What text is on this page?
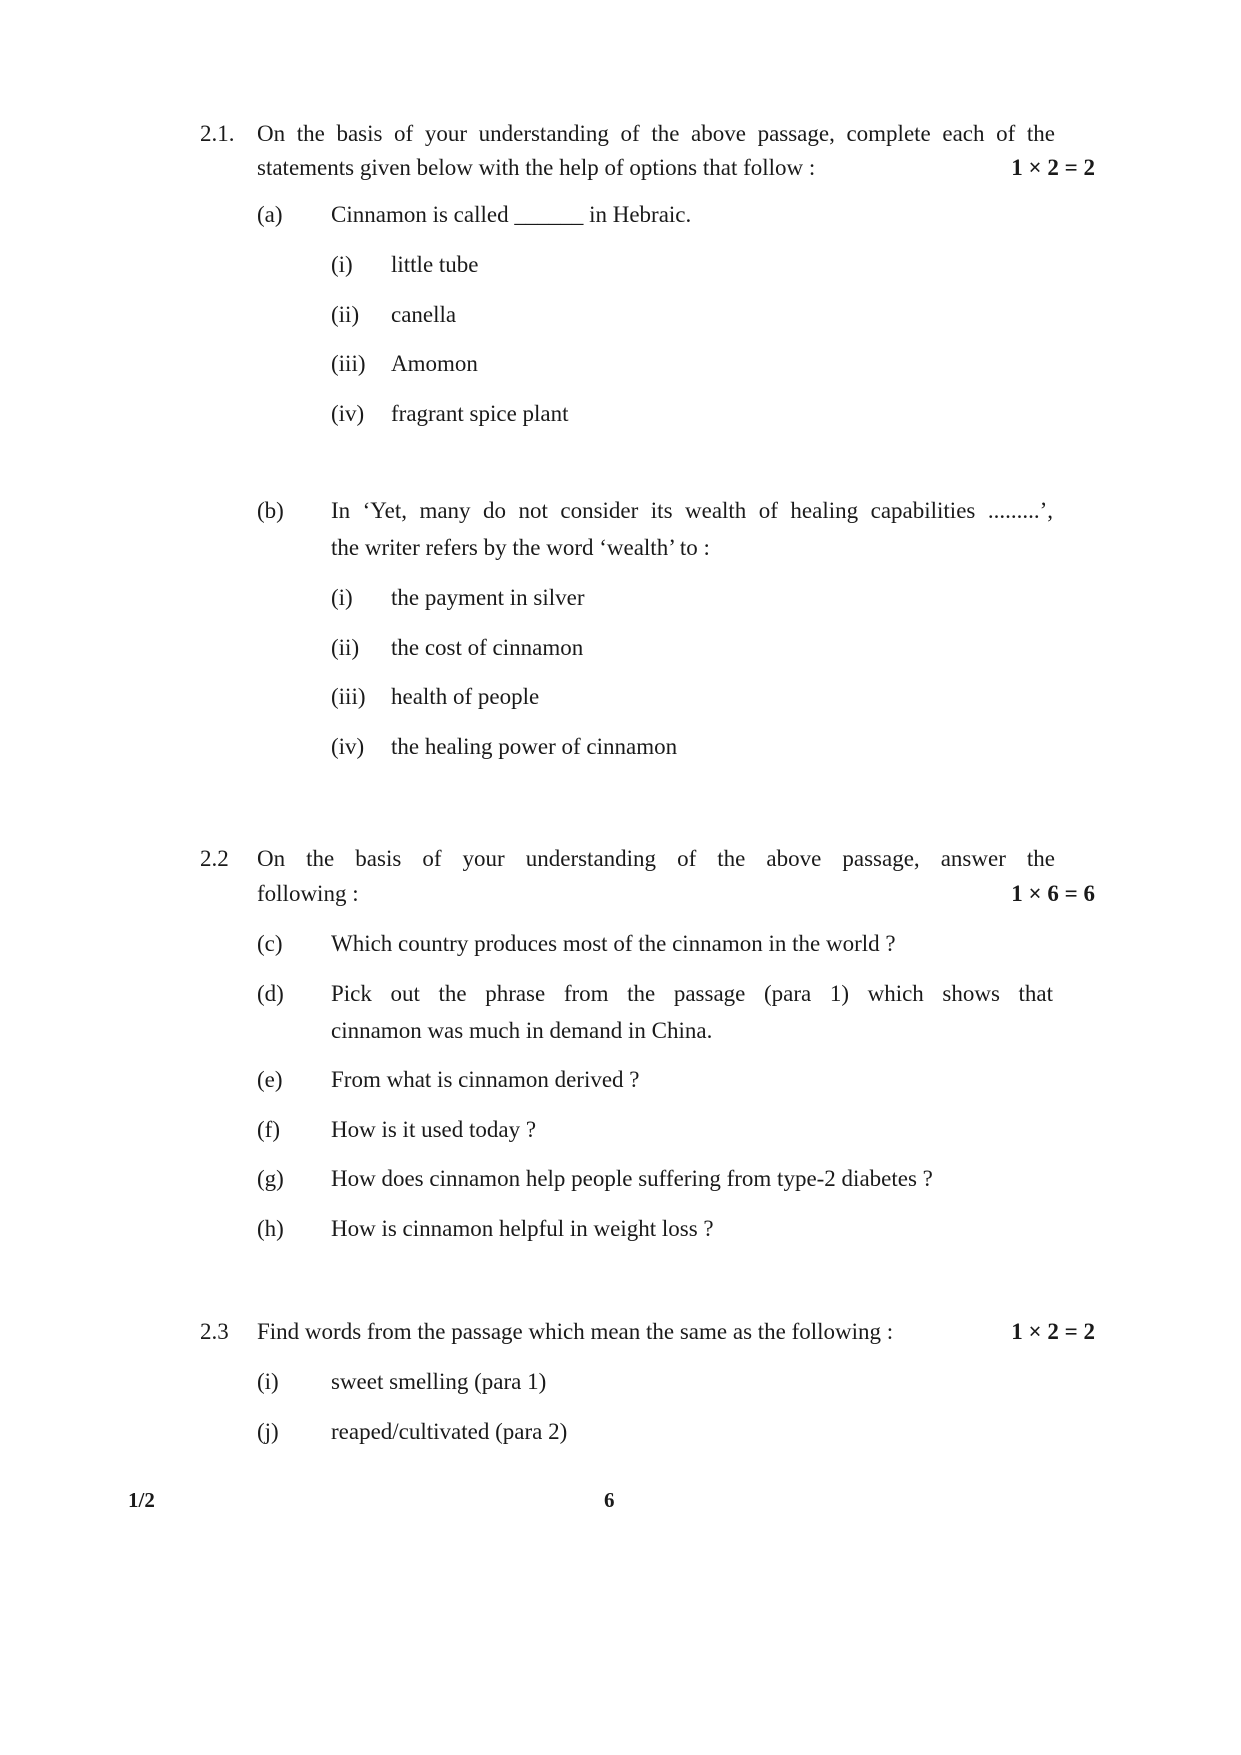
2.1. On the basis of your understanding of the above passage, complete each of the
statements given below with the help of options that follow :	1 × 2 = 2
(a) Cinnamon is called ______ in Hebraic.
(i) little tube
(ii) canella
(iii) Amomon
(iv) fragrant spice plant
(b) In ‘Yet, many do not consider its wealth of healing capabilities .........’,
the writer refers by the word ‘wealth’ to :
(i) the payment in silver
(ii) the cost of cinnamon
(iii) health of people
(iv) the healing power of cinnamon
2.2 On the basis of your understanding of the above passage, answer the
following :	1 × 6 = 6
(c) Which country produces most of the cinnamon in the world ?
(d) Pick out the phrase from the passage (para 1) which shows that
cinnamon was much in demand in China.
(e) From what is cinnamon derived ?
(f) How is it used today ?
(g) How does cinnamon help people suffering from type-2 diabetes ?
(h) How is cinnamon helpful in weight loss ?
2.3 Find words from the passage which mean the same as the following :	1 × 2 = 2
(i) sweet smelling (para 1)
(j) reaped/cultivated (para 2)
1/2	6
